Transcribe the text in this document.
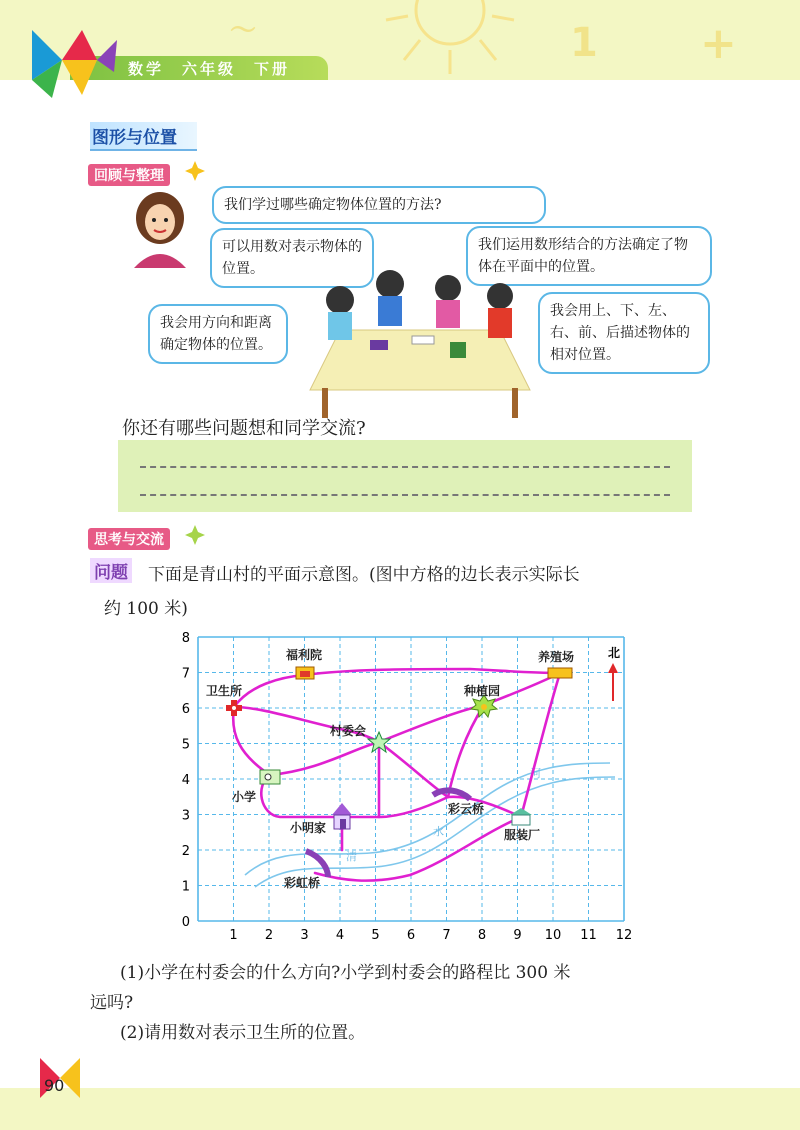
〜	1 +
数学　六年级　下册
图形与位置
回顾与整理
我们学过哪些确定物体位置的方法?
可以用数对表示物体的位置。
我们运用数形结合的方法确定了物体在平面中的位置。
我会用方向和距离确定物体的位置。
我会用上、下、左、右、前、后描述物体的相对位置。
你还有哪些问题想和同学交流?
思考与交流
问题 下面是青山村的平面示意图。(图中方格的边长表示实际长
约 100 米)
1 2 3 4 5 6 7 8 9 10 11 12
0
1
2
3
4
5
6
7
8
清
水
河
福利院
卫生所
村委会
种植园
养殖场
小学
小明家
彩云桥
服装厂
彩虹桥
北
(1)小学在村委会的什么方向?小学到村委会的路程比 300 米
远吗?
(2)请用数对表示卫生所的位置。
90
